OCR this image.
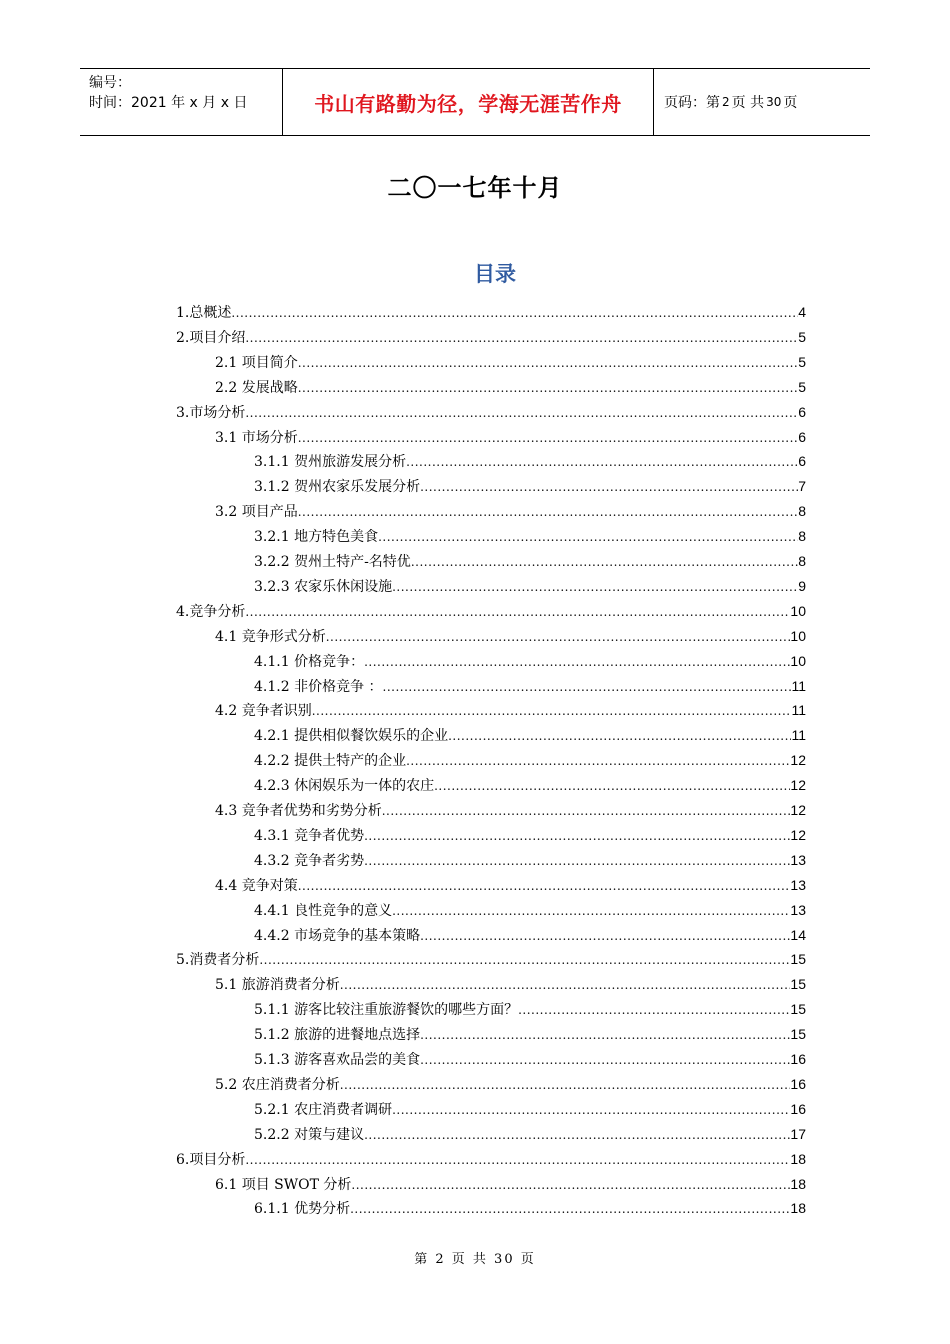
编号：
时间：2021 年 x 月 x 日	书山有路勤为径，学海无涯苦作舟	页码：第 2 页 共 30 页
二〇一七年十月
目录
1.总概述 .....	4
2.项目介绍 .....	5
2.1 项目简介 .....	5
2.2 发展战略 .....	5
3.市场分析 .....	6
3.1 市场分析 .....	6
3.1.1 贺州旅游发展分析 .....	6
3.1.2 贺州农家乐发展分析 .....	7
3.2 项目产品 .....	8
3.2.1 地方特色美食 .....	8
3.2.2 贺州土特产-名特优 .....	8
3.2.3 农家乐休闲设施 .....	9
4.竞争分析 .....	10
4.1 竞争形式分析 .....	10
4.1.1 价格竞争： .....	10
4.1.2 非价格竞争 ： .....	11
4.2 竞争者识别 .....	11
4.2.1 提供相似餐饮娱乐的企业 .....	11
4.2.2 提供土特产的企业 .....	12
4.2.3 休闲娱乐为一体的农庄 .....	12
4.3 竞争者优势和劣势分析 .....	12
4.3.1 竞争者优势 .....	12
4.3.2 竞争者劣势 .....	13
4.4 竞争对策 .....	13
4.4.1 良性竞争的意义 .....	13
4.4.2 市场竞争的基本策略 .....	14
5.消费者分析 .....	15
5.1 旅游消费者分析 .....	15
5.1.1 游客比较注重旅游餐饮的哪些方面？ .....	15
5.1.2 旅游的进餐地点选择 .....	15
5.1.3 游客喜欢品尝的美食 .....	16
5.2 农庄消费者分析 .....	16
5.2.1 农庄消费者调研 .....	16
5.2.2 对策与建议 .....	17
6.项目分析 .....	18
6.1 项目 SWOT 分析 .....	18
6.1.1 优势分析 .....	18
第 2 页 共 30 页
